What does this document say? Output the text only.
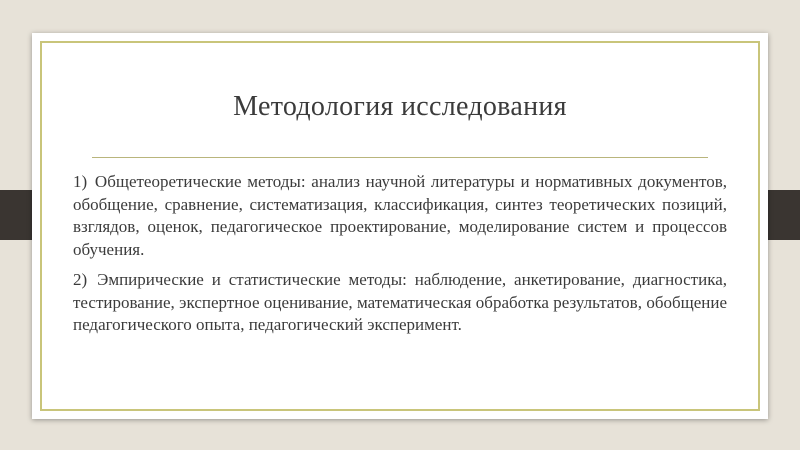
Методология исследования

1) Общетеоретические методы: анализ научной литературы и нормативных документов, обобщение, сравнение, систематизация, классификация, синтез теоретических позиций, взглядов, оценок, педагогическое проектирование, моделирование систем и процессов обучения.

2) Эмпирические и статистические методы: наблюдение, анкетирование, диагностика, тестирование, экспертное оценивание, математическая обработка результатов, обобщение педагогического опыта, педагогический эксперимент.
